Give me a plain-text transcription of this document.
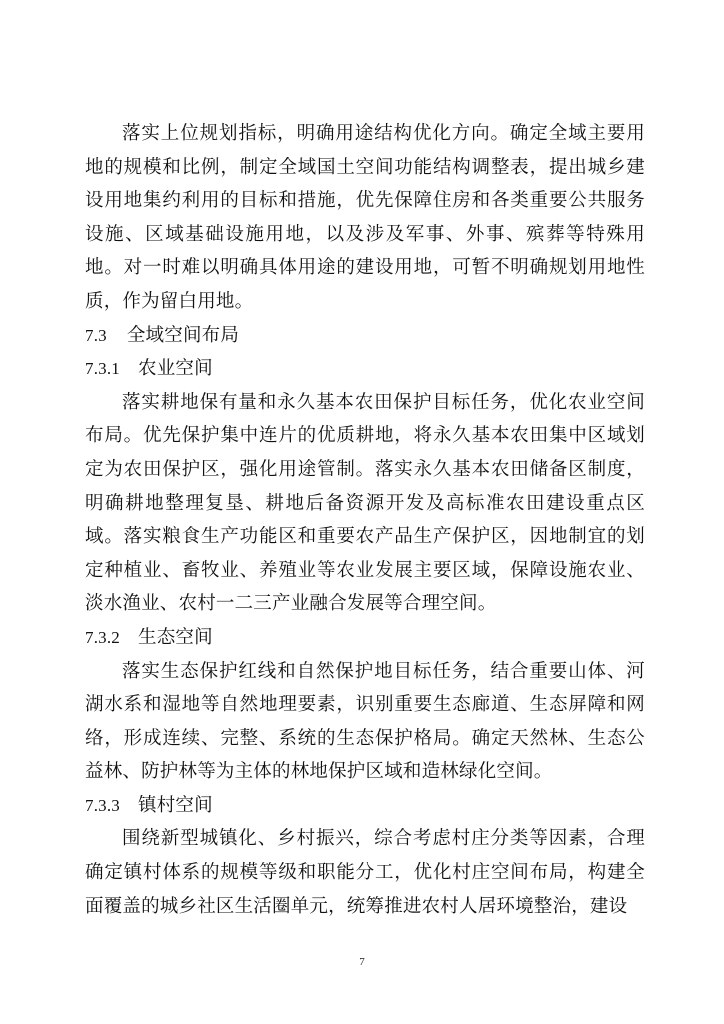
落实上位规划指标，明确用途结构优化方向。确定全域主要用地的规模和比例，制定全域国土空间功能结构调整表，提出城乡建设用地集约利用的目标和措施，优先保障住房和各类重要公共服务设施、区域基础设施用地，以及涉及军事、外事、殡葬等特殊用地。对一时难以明确具体用途的建设用地，可暂不明确规划用地性质，作为留白用地。

7.3 全域空间布局
7.3.1 农业空间

落实耕地保有量和永久基本农田保护目标任务，优化农业空间布局。优先保护集中连片的优质耕地，将永久基本农田集中区域划定为农田保护区，强化用途管制。落实永久基本农田储备区制度，明确耕地整理复垦、耕地后备资源开发及高标准农田建设重点区域。落实粮食生产功能区和重要农产品生产保护区，因地制宜的划定种植业、畜牧业、养殖业等农业发展主要区域，保障设施农业、淡水渔业、农村一二三产业融合发展等合理空间。

7.3.2 生态空间

落实生态保护红线和自然保护地目标任务，结合重要山体、河湖水系和湿地等自然地理要素，识别重要生态廊道、生态屏障和网络，形成连续、完整、系统的生态保护格局。确定天然林、生态公益林、防护林等为主体的林地保护区域和造林绿化空间。

7.3.3 镇村空间

围绕新型城镇化、乡村振兴，综合考虑村庄分类等因素，合理确定镇村体系的规模等级和职能分工，优化村庄空间布局，构建全面覆盖的城乡社区生活圈单元，统筹推进农村人居环境整治，建设

7
